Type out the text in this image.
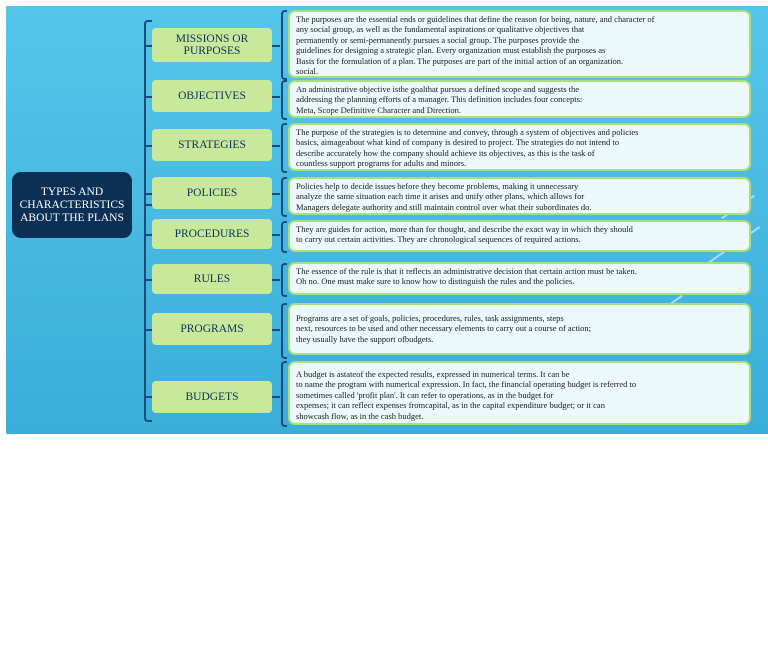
TYPES AND
CHARACTERISTICS
ABOUT THE PLANS
MISSIONS OR
PURPOSES
The purposes are the essential ends or guidelines that define the reason for being, nature, and character of
any social group, as well as the fundamental aspirations or qualitative objectives that
permanently or semi-permanently pursues a social group. The purposes provide the
guidelines for designing a strategic plan. Every organization must establish the purposes as
Basis for the formulation of a plan. The purposes are part of the initial action of an organization.
social.
OBJECTIVES
An administrative objective isthe goalthat pursues a defined scope and suggests the
addressing the planning efforts of a manager. This definition includes four concepts:
Meta, Scope Definitive Character and Direction.
STRATEGIES
The purpose of the strategies is to determine and convey, through a system of objectives and policies
basics, aimageabout what kind of company is desired to project. The strategies do not intend to
describe accurately how the company should achieve its objectives, as this is the task of
countless support programs for adults and minors.
POLICIES
Policies help to decide issues before they become problems, making it unnecessary
analyze the same situation each time it arises and unify other plans, which allows for
Managers delegate authority and still maintain control over what their subordinates do.
PROCEDURES	They are guides for action, more than for thought, and describe the exact way in which they should
to carry out certain activities. They are chronological sequences of required actions.
RULES
The essence of the rule is that it reflects an administrative decision that certain action must be taken.
Oh no. One must make sure to know how to distinguish the rules and the policies.
PROGRAMS
Programs are a set of goals, policies, procedures, rules, task assignments, steps
next, resources to be used and other necessary elements to carry out a course of action;
they usually have the support ofbudgets.
BUDGETS
A budget is astateof the expected results, expressed in numerical terms. It can be
to name the program with numerical expression. In fact, the financial operating budget is referred to
sometimes called 'profit plan'. It can refer to operations, as in the budget for
expenses; it can reflect expenses fromcapital, as in the capital expenditure budget; or it can
showcash flow, as in the cash budget.
